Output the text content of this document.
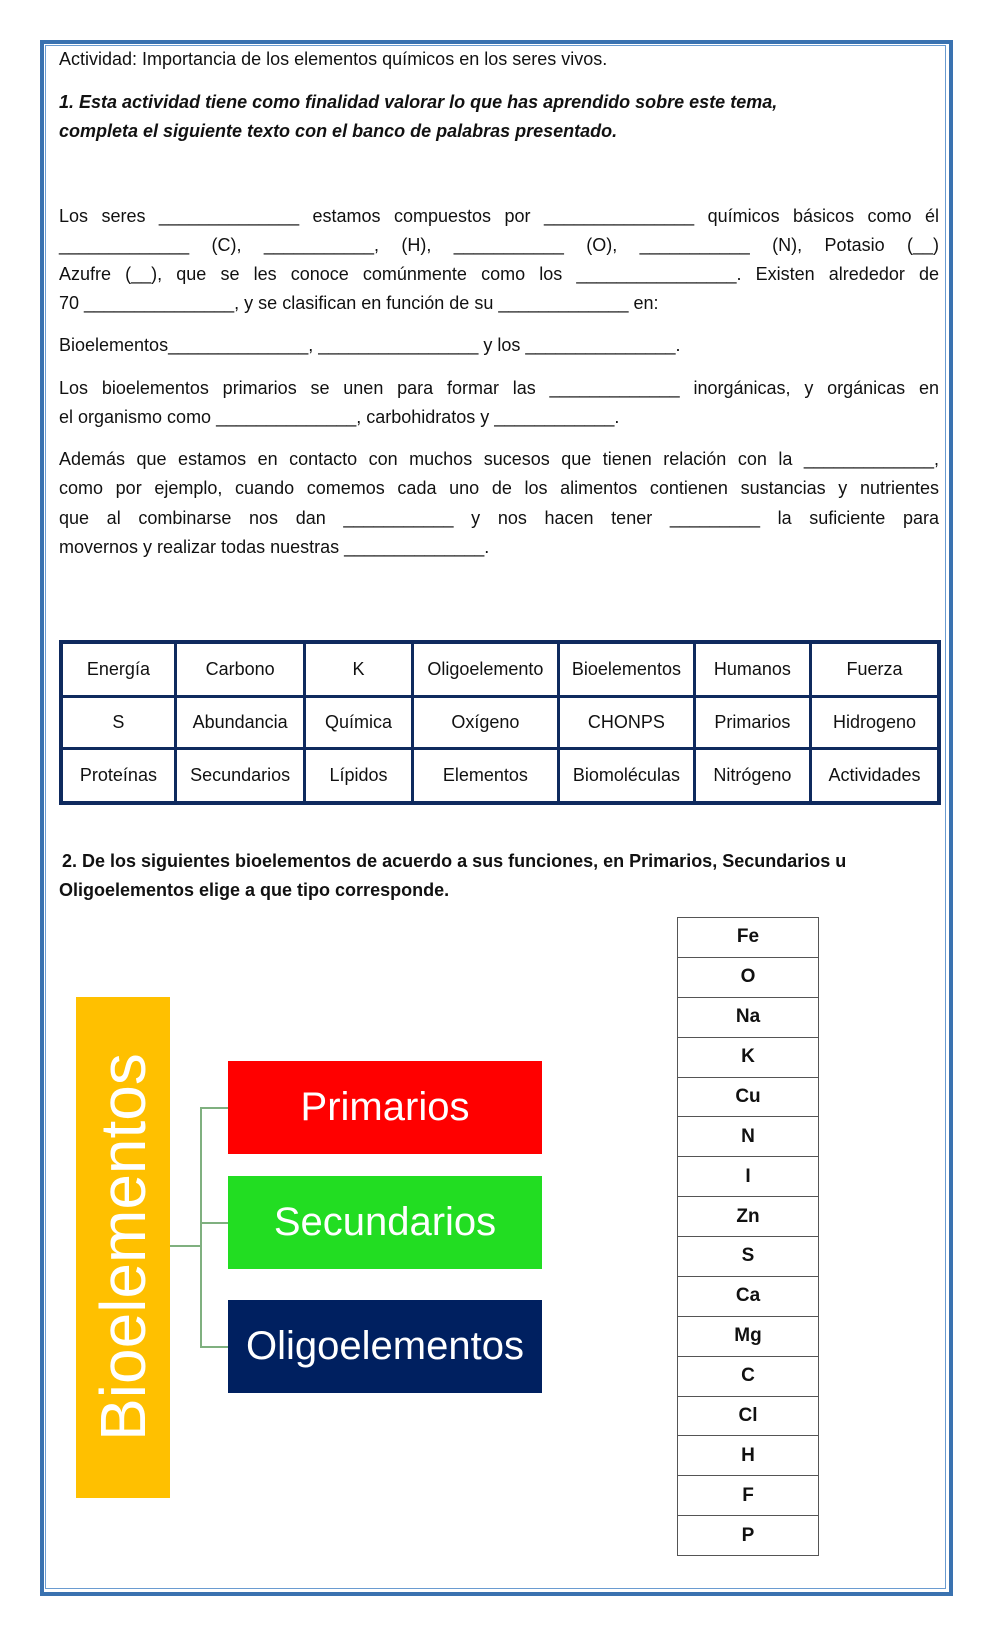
Actividad: Importancia de los elementos químicos en los seres vivos.
1. Esta actividad tiene como finalidad valorar lo que has aprendido sobre este tema,
completa el siguiente texto con el banco de palabras presentado.
Los seres ______________ estamos compuestos por _______________ químicos básicos como él
_____________ (C), ___________, (H), ___________ (O), ___________ (N), Potasio (__)
Azufre (__), que se les conoce comúnmente como los ________________. Existen alrededor de
70 _______________, y se clasifican en función de su _____________ en:
Bioelementos______________, ________________ y los _______________.
Los bioelementos primarios se unen para formar las _____________ inorgánicas, y orgánicas en
el organismo como ______________, carbohidratos y ____________.
Además que estamos en contacto con muchos sucesos que tienen relación con la _____________,
como por ejemplo, cuando comemos cada uno de los alimentos contienen sustancias y nutrientes
que al combinarse nos dan ___________ y nos hacen tener _________ la suficiente para
movernos y realizar todas nuestras ______________.
Energía	Carbono	K	Oligoelemento	Bioelementos	Humanos	Fuerza
S	Abundancia	Química	Oxígeno	CHONPS	Primarios	Hidrogeno
Proteínas	Secundarios	Lípidos	Elementos	Biomoléculas	Nitrógeno	Actividades
2. De los siguientes bioelementos de acuerdo a sus funciones, en Primarios, Secundarios u
Oligoelementos elige a que tipo corresponde.
Bioelementos	Primarios
Secundarios
Oligoelementos
Fe
O
Na
K
Cu
N
I
Zn
S
Ca
Mg
C
Cl
H
F
P
